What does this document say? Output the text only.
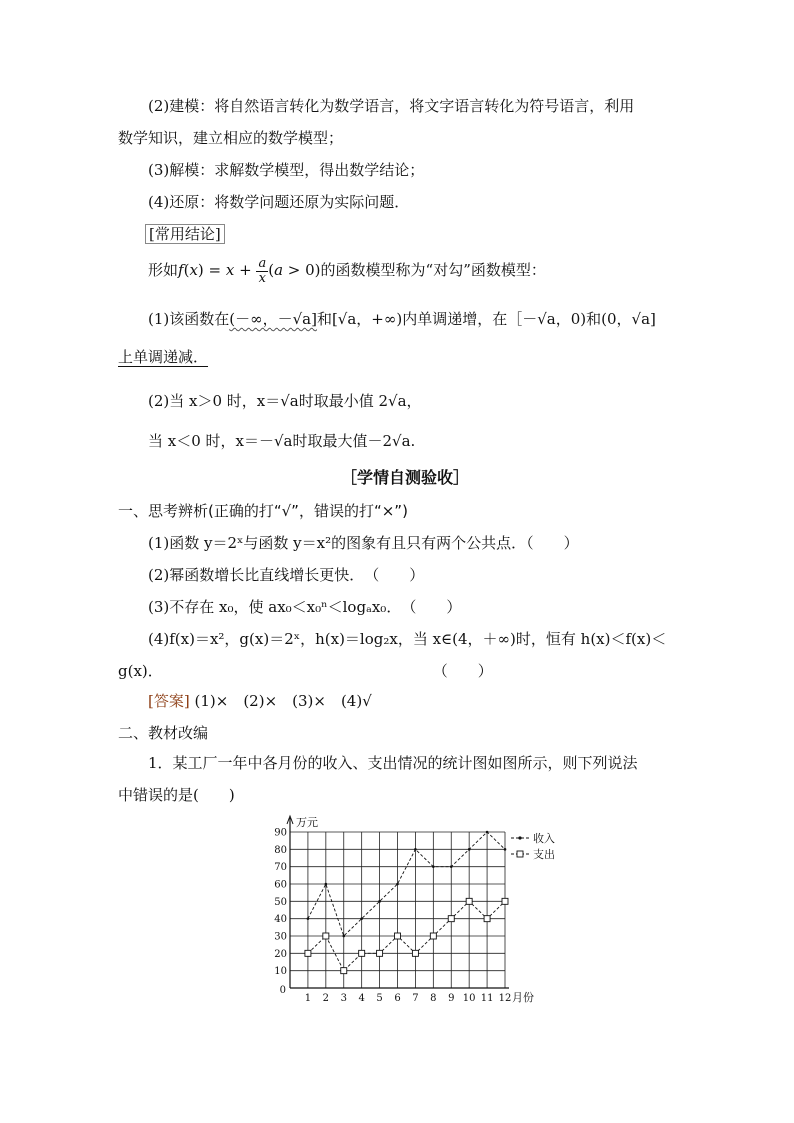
(2)建模：将自然语言转化为数学语言，将文字语言转化为符号语言，利用
数学知识，建立相应的数学模型；
(3)解模：求解数学模型，得出数学结论；
(4)还原：将数学问题还原为实际问题．
[常用结论]
形如$f(x) = x + \frac{a}{x} (a > 0)$的函数模型称为“对勾”函数模型：
(1)该函数在(－∞，－√a]和[√a，+∞)内单调递增，在［－√a，0)和(0，√a]
上单调递减．
(2)当 x＞0 时，x＝√a时取最小值 2√a，
当 x＜0 时，x＝－√a时取最大值－2√a.
［学情自测验收］
一、思考辨析(正确的打“√”，错误的打“×”)
(1)函数 y＝2ˣ与函数 y＝x²的图象有且只有两个公共点．（　　）
(2)幂函数增长比直线增长更快．　（　　）
(3)不存在 x₀，使 ax₀＜x₀ⁿ＜logₐx₀．　（　　）
(4)f(x)＝x²，g(x)＝2ˣ，h(x)＝log₂x，当 x∈(4，＋∞)时，恒有 h(x)＜f(x)＜
g(x)．　　　　　　　　　　　　　　　　　　　（　　）
[答案] (1)×　(2)×　(3)×　(4)√
二、教材改编
1．某工厂一年中各月份的收入、支出情况的统计图如图所示，则下列说法
中错误的是(　　)
10
20
30
40
50
60
70
80
90
0
1 2 3 4 5 6 7 8 9 10 11 12 月份
万元
收入
支出
